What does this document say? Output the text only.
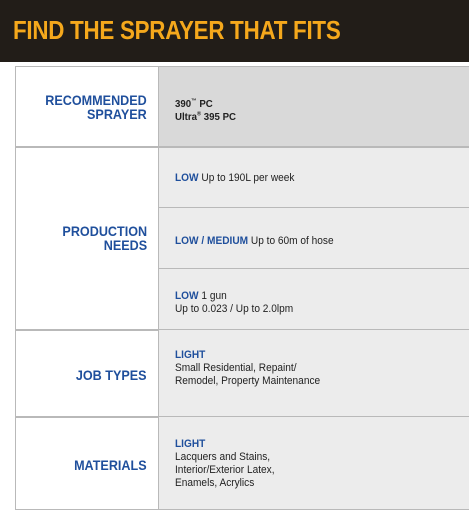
FIND THE SPRAYER THAT FITS
RECOMMENDED
SPRAYER
390™ PC
Ultra® 395 PC
PRODUCTION
NEEDS
LOW Up to 190L per week
LOW / MEDIUM Up to 60m of hose
LOW 1 gun
Up to 0.023 / Up to 2.0lpm
JOB TYPES
LIGHT
Small Residential, Repaint/
Remodel, Property Maintenance
MATERIALS
LIGHT
Lacquers and Stains,
Interior/Exterior Latex,
Enamels, Acrylics
